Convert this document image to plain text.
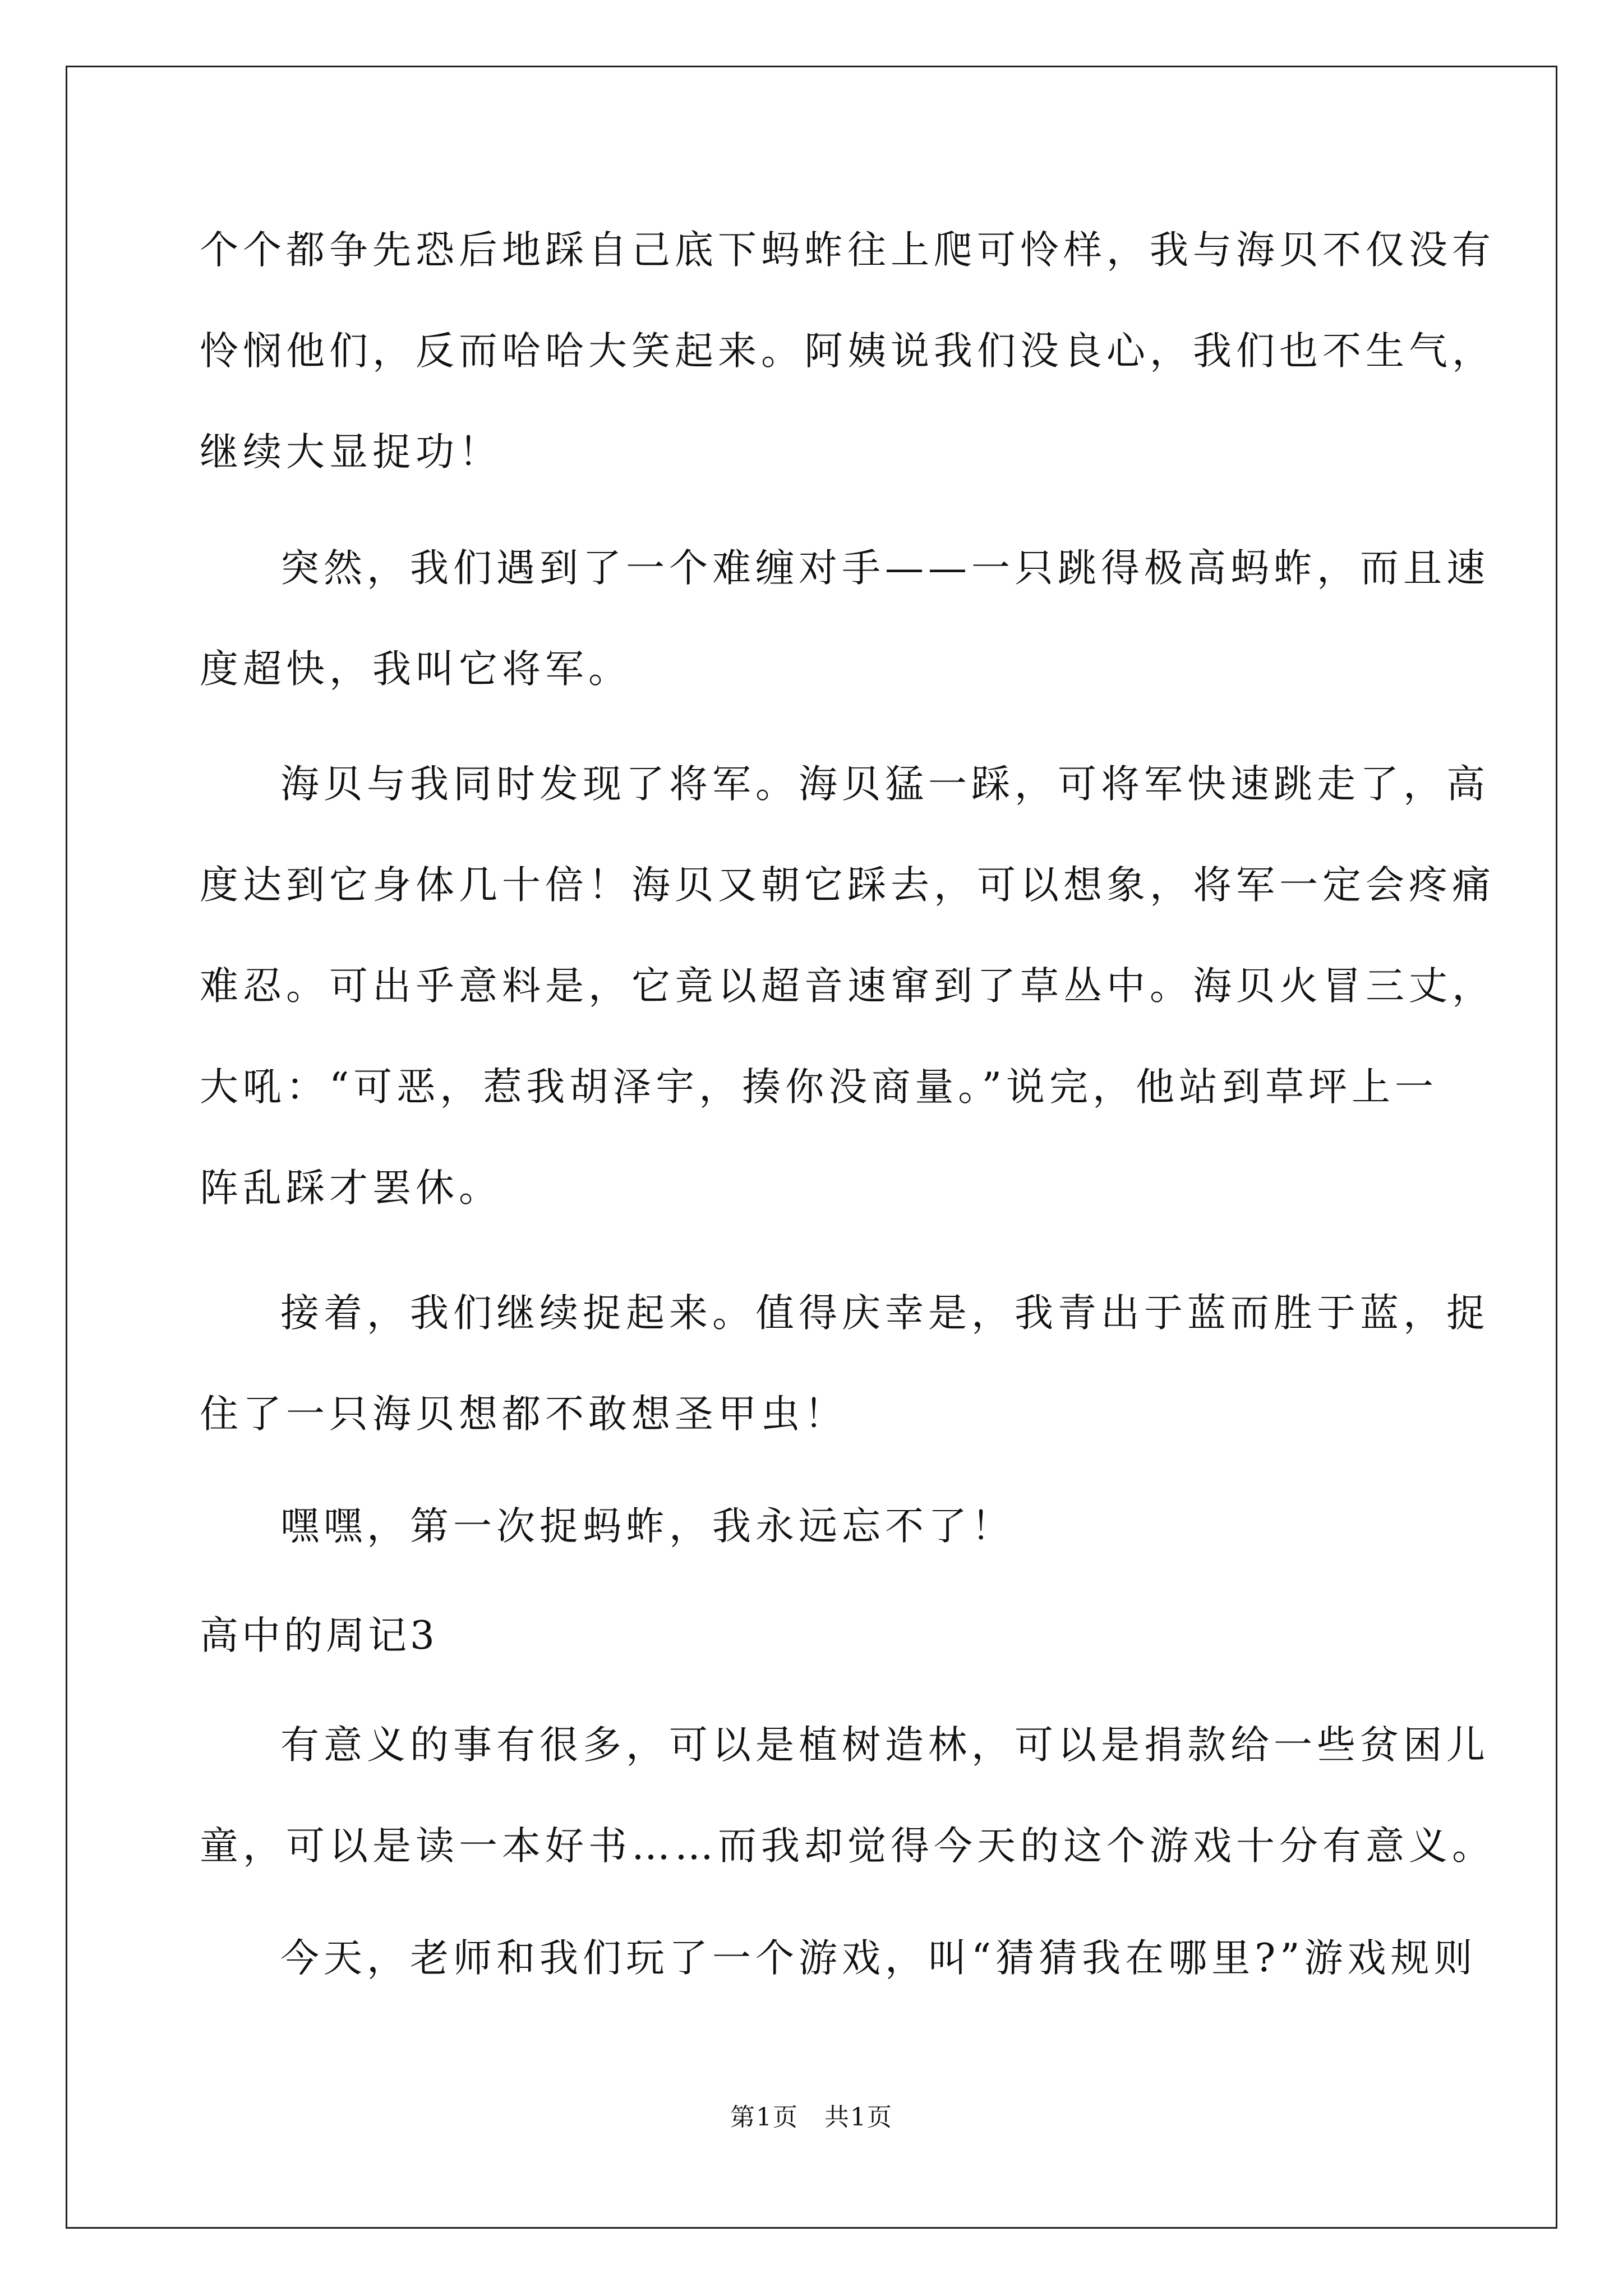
个个都争先恐后地踩自己底下蚂蚱往上爬可怜样，我与海贝不仅没有
怜悯他们，反而哈哈大笑起来。阿姨说我们没良心，我们也不生气，
继续大显捉功！
突然，我们遇到了一个难缠对手——一只跳得极高蚂蚱，而且速
度超快，我叫它将军。
海贝与我同时发现了将军。海贝猛一踩，可将军快速跳走了，高
度达到它身体几十倍！海贝又朝它踩去，可以想象，将军一定会疼痛
难忍。可出乎意料是，它竟以超音速窜到了草丛中。海贝火冒三丈，
大吼：“可恶，惹我胡泽宇，揍你没商量。”说完，他站到草坪上一
阵乱踩才罢休。
接着，我们继续捉起来。值得庆幸是，我青出于蓝而胜于蓝，捉
住了一只海贝想都不敢想圣甲虫！
嘿嘿，第一次捉蚂蚱，我永远忘不了！
高中的周记3
有意义的事有很多，可以是植树造林，可以是捐款给一些贫困儿
童，可以是读一本好书……而我却觉得今天的这个游戏十分有意义。
今天，老师和我们玩了一个游戏，叫“猜猜我在哪里?”游戏规则
第1页　共1页
